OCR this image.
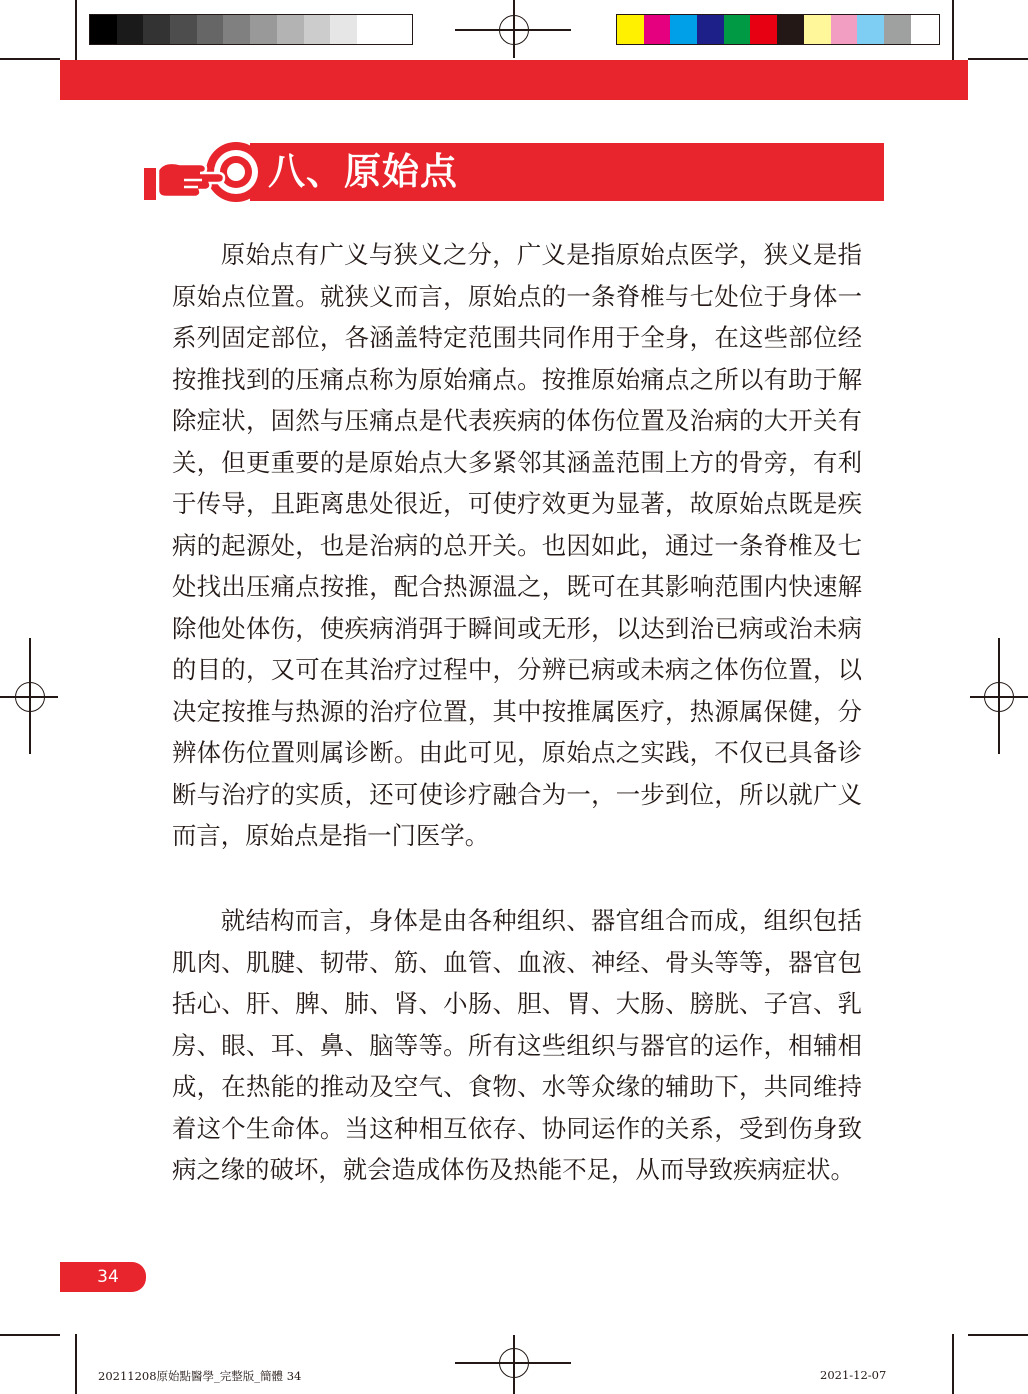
八、原始点

原始点有广义与狭义之分，广义是指原始点医学，狭义是指原始点位置。就狭义而言，原始点的一条脊椎与七处位于身体一系列固定部位，各涵盖特定范围共同作用于全身，在这些部位经按推找到的压痛点称为原始痛点。按推原始痛点之所以有助于解除症状，固然与压痛点是代表疾病的体伤位置及治病的大开关有关，但更重要的是原始点大多紧邻其涵盖范围上方的骨旁，有利于传导，且距离患处很近，可使疗效更为显著，故原始点既是疾病的起源处，也是治病的总开关。也因如此，通过一条脊椎及七处找出压痛点按推，配合热源温之，既可在其影响范围内快速解除他处体伤，使疾病消弭于瞬间或无形，以达到治已病或治未病的目的，又可在其治疗过程中，分辨已病或未病之体伤位置，以决定按推与热源的治疗位置，其中按推属医疗，热源属保健，分辨体伤位置则属诊断。由此可见，原始点之实践，不仅已具备诊断与治疗的实质，还可使诊疗融合为一，一步到位，所以就广义而言，原始点是指一门医学。

就结构而言，身体是由各种组织、器官组合而成，组织包括肌肉、肌腱、韧带、筋、血管、血液、神经、骨头等等，器官包括心、肝、脾、肺、肾、小肠、胆、胃、大肠、膀胱、子宫、乳房、眼、耳、鼻、脑等等。所有这些组织与器官的运作，相辅相成，在热能的推动及空气、食物、水等众缘的辅助下，共同维持着这个生命体。当这种相互依存、协同运作的关系，受到伤身致病之缘的破坏，就会造成体伤及热能不足，从而导致疾病症状。

34
20211208原始點醫學_完整版_簡體 34	2021-12-07
